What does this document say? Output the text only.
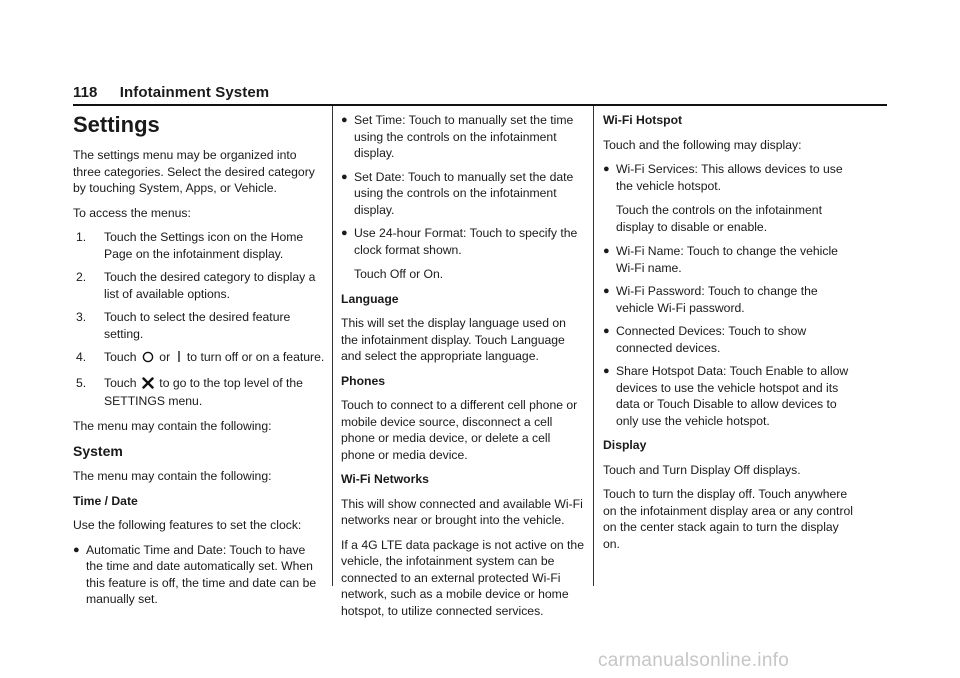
118 Infotainment System
Settings

The settings menu may be organized into three categories. Select the desired category by touching System, Apps, or Vehicle.

To access the menus:

1. Touch the Settings icon on the Home Page on the infotainment display.
2. Touch the desired category to display a list of available options.
3. Touch to select the desired feature setting.
4. Touch  or  to turn off or on a feature.
5. Touch  to go to the top level of the SETTINGS menu.

The menu may contain the following:

System

The menu may contain the following:

Time / Date

Use the following features to set the clock:

● Automatic Time and Date: Touch to have the time and date automatically set. When this feature is off, the time and date can be manually set.
● Set Time: Touch to manually set the time using the controls on the infotainment display.
● Set Date: Touch to manually set the date using the controls on the infotainment display.
● Use 24-hour Format: Touch to specify the clock format shown.

Touch Off or On.

Language

This will set the display language used on the infotainment display. Touch Language and select the appropriate language.

Phones

Touch to connect to a different cell phone or mobile device source, disconnect a cell phone or media device, or delete a cell phone or media device.

Wi-Fi Networks

This will show connected and available Wi-Fi networks near or brought into the vehicle.

If a 4G LTE data package is not active on the vehicle, the infotainment system can be connected to an external protected Wi-Fi network, such as a mobile device or home hotspot, to utilize connected services.

Wi-Fi Hotspot

Touch and the following may display:

● Wi-Fi Services: This allows devices to use the vehicle hotspot.

Touch the controls on the infotainment display to disable or enable.

● Wi-Fi Name: Touch to change the vehicle Wi-Fi name.
● Wi-Fi Password: Touch to change the vehicle Wi-Fi password.
● Connected Devices: Touch to show connected devices.
● Share Hotspot Data: Touch Enable to allow devices to use the vehicle hotspot and its data or Touch Disable to allow devices to only use the vehicle hotspot.

Display

Touch and Turn Display Off displays.

Touch to turn the display off. Touch anywhere on the infotainment display area or any control on the center stack again to turn the display on.

carmanualsonline.info
